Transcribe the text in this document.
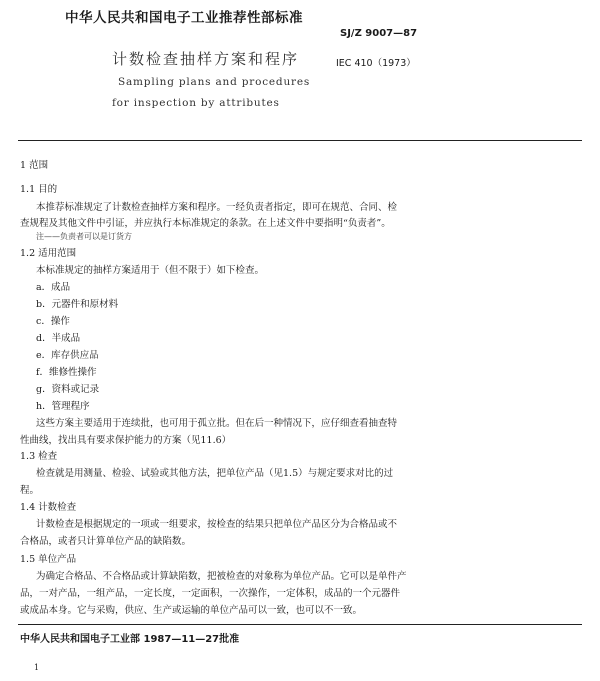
中华人民共和国电子工业推荐性部标准
SJ/Z 9007—87
计数检查抽样方案和程序	IEC 410（1973）
Sampling plans and procedures
for inspection by attributes
1 范围
1.1 目的
本推荐标准规定了计数检查抽样方案和程序。一经负责者指定，即可在规范、合同、检
查规程及其他文件中引证，并应执行本标准规定的条款。在上述文件中要指明“负责者”。
注——负责者可以是订货方
1.2 适用范围
本标准规定的抽样方案适用于（但不限于）如下检查。
a．成品
b．元器件和原材料
c．操作
d．半成品
e．库存供应品
f．维修性操作
g．资料或记录
h．管理程序
这些方案主要适用于连续批，也可用于孤立批。但在后一种情况下，应仔细查看抽查特
性曲线，找出具有要求保护能力的方案（见11.6）
1.3 检查
检查就是用测量、检验、试验或其他方法，把单位产品（见1.5）与规定要求对比的过
程。
1.4 计数检查
计数检查是根据规定的一项或一组要求，按检查的结果只把单位产品区分为合格品或不
合格品，或者只计算单位产品的缺陷数。
1.5 单位产品
为确定合格品、不合格品或计算缺陷数，把被检查的对象称为单位产品。它可以是单件产
品，一对产品，一组产品，一定长度，一定面积，一次操作，一定体积，成品的一个元器件
或成品本身。它与采购，供应、生产或运输的单位产品可以一致，也可以不一致。
中华人民共和国电子工业部 1987—11—27批准
1
